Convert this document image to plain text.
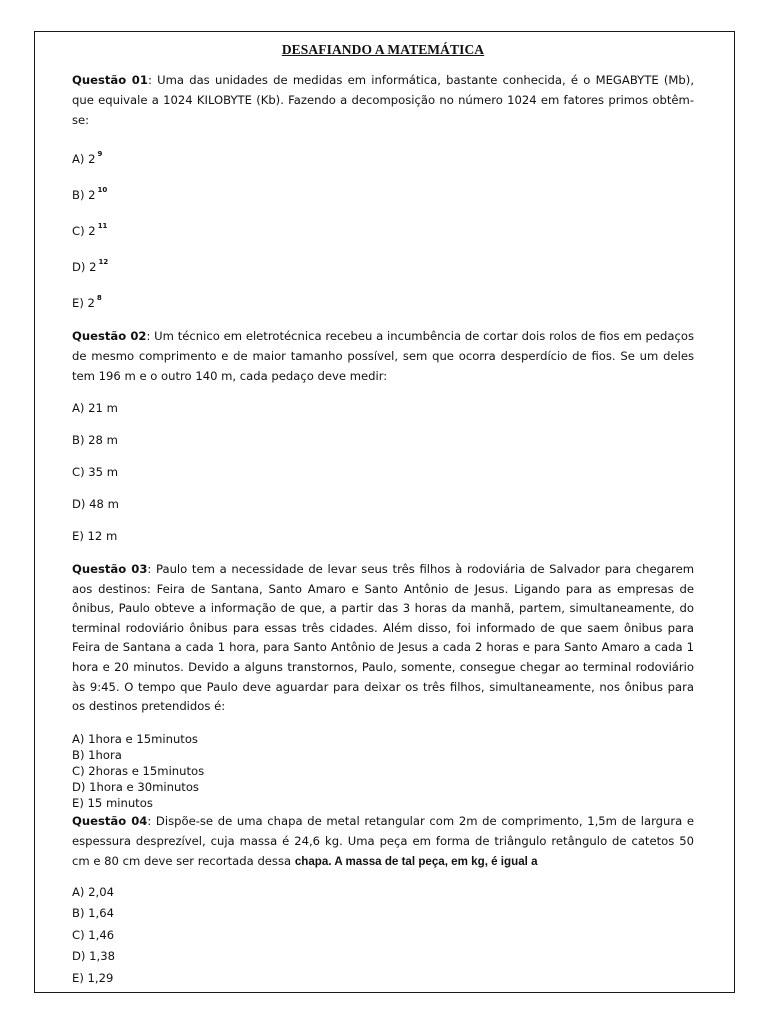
DESAFIANDO A MATEMÁTICA

Questão 01: Uma das unidades de medidas em informática, bastante conhecida, é o MEGABYTE (Mb), que equivale a 1024 KILOBYTE (Kb). Fazendo a decomposição no número 1024 em fatores primos obtêm-se:

A) 2 $^9$

B) 2 $^{10}$

C) 2 $^{11}$

D) 2 $^{12}$

E) 2 $^8$

Questão 02: Um técnico em eletrotécnica recebeu a incumbência de cortar dois rolos de fios em pedaços de mesmo comprimento e de maior tamanho possível, sem que ocorra desperdício de fios. Se um deles tem 196 m e o outro 140 m, cada pedaço deve medir:

A) 21 m

B) 28 m

C) 35 m

D) 48 m

E) 12 m

Questão 03: Paulo tem a necessidade de levar seus três filhos à rodoviária de Salvador para chegarem aos destinos: Feira de Santana, Santo Amaro e Santo Antônio de Jesus. Ligando para as empresas de ônibus, Paulo obteve a informação de que, a partir das 3 horas da manhã, partem, simultaneamente, do terminal rodoviário ônibus para essas três cidades. Além disso, foi informado de que saem ônibus para Feira de Santana a cada 1 hora, para Santo Antônio de Jesus a cada 2 horas e para Santo Amaro a cada 1 hora e 20 minutos. Devido a alguns transtornos, Paulo, somente, consegue chegar ao terminal rodoviário às 9:45. O tempo que Paulo deve aguardar para deixar os três filhos, simultaneamente, nos ônibus para os destinos pretendidos é:

A) 1hora e 15minutos

B) 1hora

C) 2horas e 15minutos

D) 1hora e 30minutos

E) 15 minutos

Questão 04: Dispõe-se de uma chapa de metal retangular com 2m de comprimento, 1,5m de largura e espessura desprezível, cuja massa é 24,6 kg. Uma peça em forma de triângulo retângulo de catetos 50 cm e 80 cm deve ser recortada dessa chapa. A massa de tal peça, em kg, é igual a

A) 2,04

B) 1,64

C) 1,46

D) 1,38

E) 1,29
